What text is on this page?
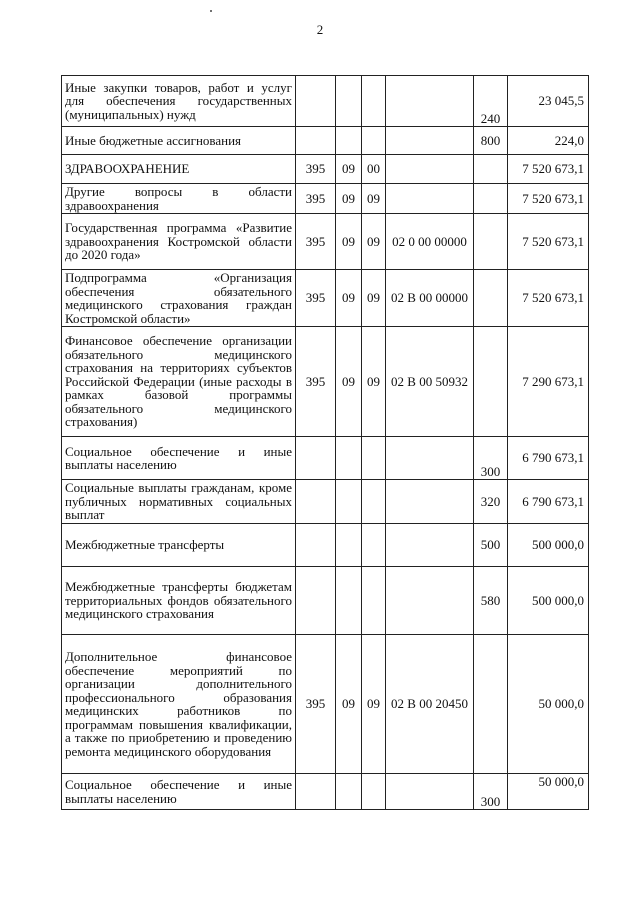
2
Иные закупки товаров, работ и услуг для обеспечения государственных (муниципальных) нужд					240	23 045,5
Иные бюджетные ассигнования					800	224,0
ЗДРАВООХРАНЕНИЕ	395	09	00			7 520 673,1
Другие вопросы в области здравоохранения	395	09	09			7 520 673,1
Государственная программа «Развитие здравоохранения Костромской области до 2020 года»	395	09	09	02 0 00 00000		7 520 673,1
Подпрограмма «Организация обеспечения обязательного медицинского страхования граждан Костромской области»	395	09	09	02 В 00 00000		7 520 673,1
Финансовое обеспечение организации обязательного медицинского страхования на территориях субъектов Российской Федерации (иные расходы в рамках базовой программы обязательного медицинского страхования)	395	09	09	02 В 00 50932		7 290 673,1
Социальное обеспечение и иные выплаты населению					300	6 790 673,1
Социальные выплаты гражданам, кроме публичных нормативных социальных выплат					320	6 790 673,1
Межбюджетные трансферты					500	500 000,0
Межбюджетные трансферты бюджетам территориальных фондов обязательного медицинского страхования					580	500 000,0
Дополнительное финансовое обеспечение мероприятий по организации дополнительного профессионального образования медицинских работников по программам повышения квалификации, а также по приобретению и проведению ремонта медицинского оборудования	395	09	09	02 В 00 20450		50 000,0
Социальное обеспечение и иные выплаты населению					300	50 000,0
